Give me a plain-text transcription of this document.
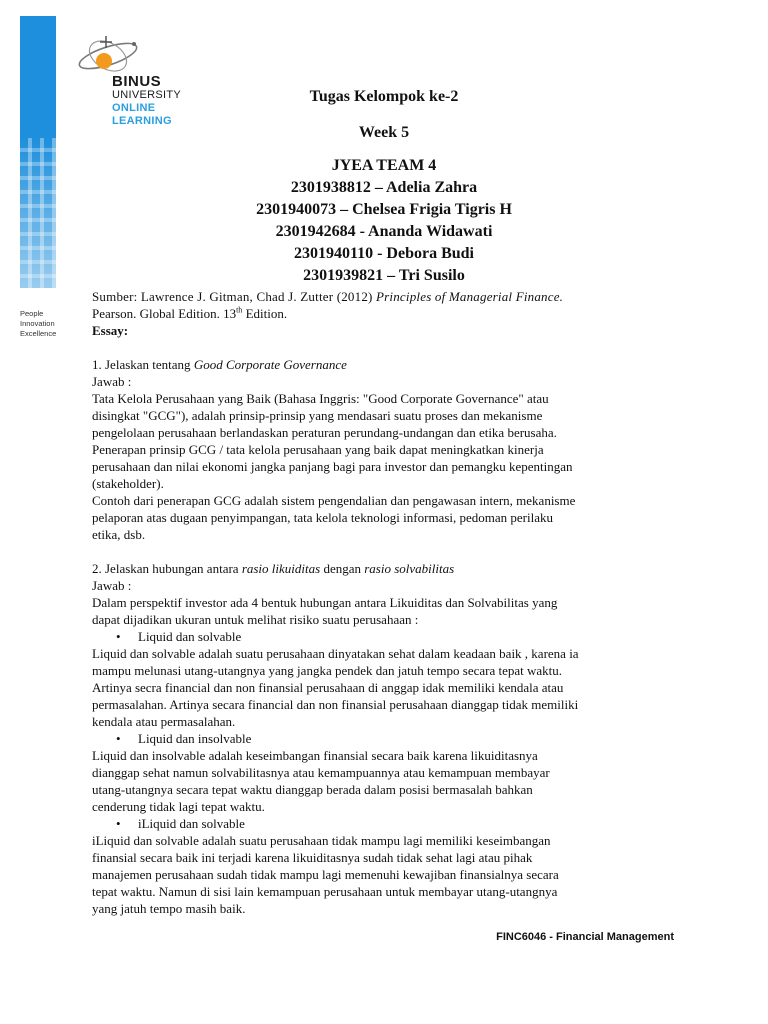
People
Innovation
Excellence
BINUS
UNIVERSITY
ONLINE
LEARNING
Tugas Kelompok ke-2
Week 5
JYEA TEAM 4
2301938812 – Adelia Zahra
2301940073 – Chelsea Frigia Tigris H
2301942684 - Ananda Widawati
2301940110 - Debora Budi
2301939821 – Tri Susilo

Sumber: Lawrence J. Gitman, Chad J. Zutter (2012) Principles of Managerial Finance.

Pearson. Global Edition. 13th Edition.

Essay:

1. Jelaskan tentang Good Corporate Governance

Jawab :

Tata Kelola Perusahaan yang Baik (Bahasa Inggris: "Good Corporate Governance" atau

disingkat "GCG"), adalah prinsip-prinsip yang mendasari suatu proses dan mekanisme

pengelolaan perusahaan berlandaskan peraturan perundang-undangan dan etika berusaha.

Penerapan prinsip GCG / tata kelola perusahaan yang baik dapat meningkatkan kinerja

perusahaan dan nilai ekonomi jangka panjang bagi para investor dan pemangku kepentingan

(stakeholder).

Contoh dari penerapan GCG adalah sistem pengendalian dan pengawasan intern, mekanisme

pelaporan atas dugaan penyimpangan, tata kelola teknologi informasi, pedoman perilaku

etika, dsb.

2. Jelaskan hubungan antara rasio likuiditas dengan rasio solvabilitas

Jawab :

Dalam perspektif investor ada 4 bentuk hubungan antara Likuiditas dan Solvabilitas yang

dapat dijadikan ukuran untuk melihat risiko suatu perusahaan :

• Liquid dan solvable

Liquid dan solvable adalah suatu perusahaan dinyatakan sehat dalam keadaan baik , karena ia

mampu melunasi utang-utangnya yang jangka pendek dan jatuh tempo secara tepat waktu.

Artinya secra financial dan non finansial perusahaan di anggap idak memiliki kendala atau

permasalahan. Artinya secara financial dan non finansial perusahaan dianggap tidak memiliki

kendala atau permasalahan.

• Liquid dan insolvable

Liquid dan insolvable adalah keseimbangan finansial secara baik karena likuiditasnya

dianggap sehat namun solvabilitasnya atau kemampuannya atau kemampuan membayar

utang-utangnya secara tepat waktu dianggap berada dalam posisi bermasalah bahkan

cenderung tidak lagi tepat waktu.

• iLiquid dan solvable

iLiquid dan solvable adalah suatu perusahaan tidak mampu lagi memiliki keseimbangan

finansial secara baik ini terjadi karena likuiditasnya sudah tidak sehat lagi atau pihak

manajemen perusahaan sudah tidak mampu lagi memenuhi kewajiban finansialnya secara

tepat waktu. Namun di sisi lain kemampuan perusahaan untuk membayar utang-utangnya

yang jatuh tempo masih baik.

FINC6046 - Financial Management
